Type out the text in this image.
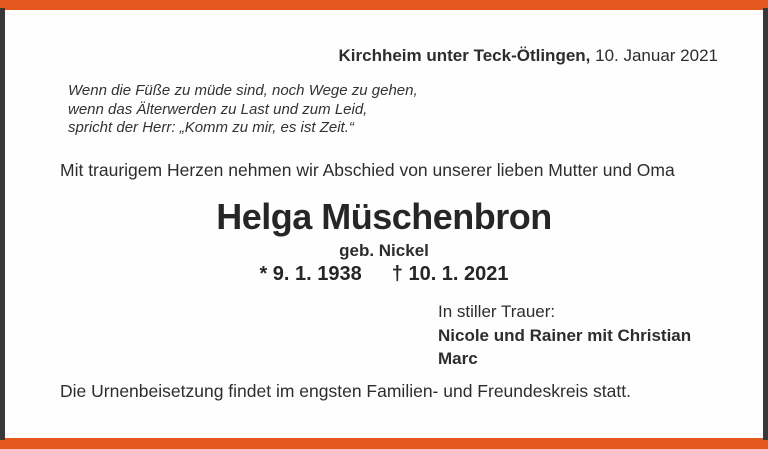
Kirchheim unter Teck-Ötlingen, 10. Januar 2021
Wenn die Füße zu müde sind, noch Wege zu gehen,
wenn das Älterwerden zu Last und zum Leid,
spricht der Herr: „Komm zu mir, es ist Zeit.“
Mit traurigem Herzen nehmen wir Abschied von unserer lieben Mutter und Oma
Helga Müschenbron
geb. Nickel
* 9. 1. 1938 † 10. 1. 2021
In stiller Trauer:
Nicole und Rainer mit Christian
Marc
Die Urnenbeisetzung findet im engsten Familien- und Freundeskreis statt.
